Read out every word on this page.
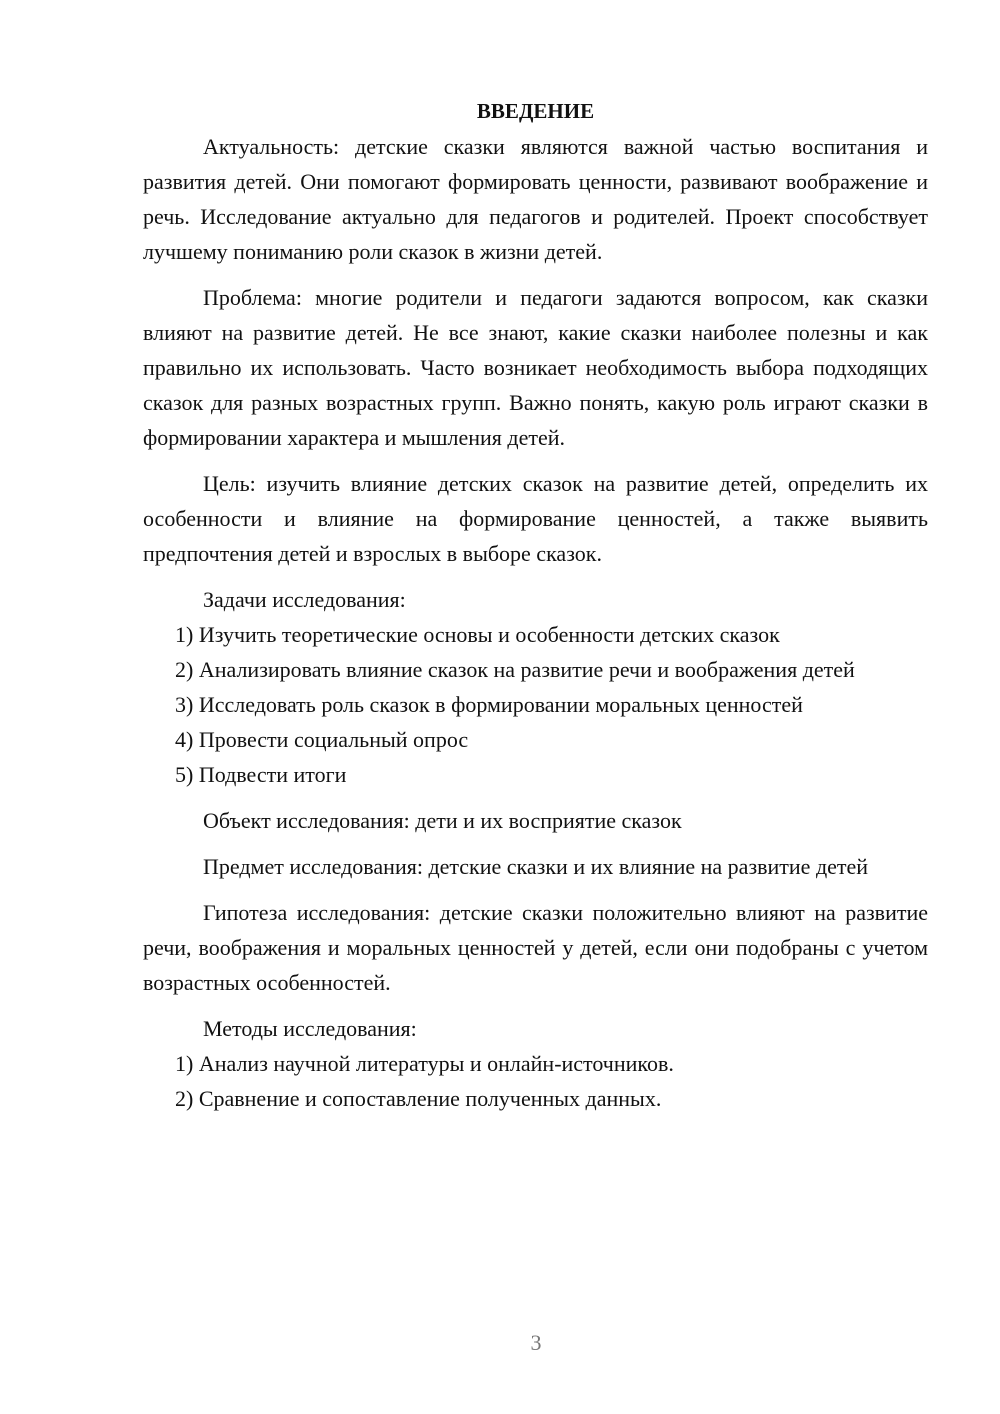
ВВЕДЕНИЕ

Актуальность: детские сказки являются важной частью воспитания и развития детей. Они помогают формировать ценности, развивают воображение и речь. Исследование актуально для педагогов и родителей. Проект способствует лучшему пониманию роли сказок в жизни детей.

Проблема: многие родители и педагоги задаются вопросом, как сказки влияют на развитие детей. Не все знают, какие сказки наиболее полезны и как правильно их использовать. Часто возникает необходимость выбора подходящих сказок для разных возрастных групп. Важно понять, какую роль играют сказки в формировании характера и мышления детей.

Цель: изучить влияние детских сказок на развитие детей, определить их особенности и влияние на формирование ценностей, а также выявить предпочтения детей и взрослых в выборе сказок.

Задачи исследования:

1) Изучить теоретические основы и особенности детских сказок

2) Анализировать влияние сказок на развитие речи и воображения детей

3) Исследовать роль сказок в формировании моральных ценностей

4) Провести социальный опрос

5) Подвести итоги

Объект исследования: дети и их восприятие сказок

Предмет исследования: детские сказки и их влияние на развитие детей

Гипотеза исследования: детские сказки положительно влияют на развитие речи, воображения и моральных ценностей у детей, если они подобраны с учетом возрастных особенностей.

Методы исследования:

1) Анализ научной литературы и онлайн-источников.

2) Сравнение и сопоставление полученных данных.

3
